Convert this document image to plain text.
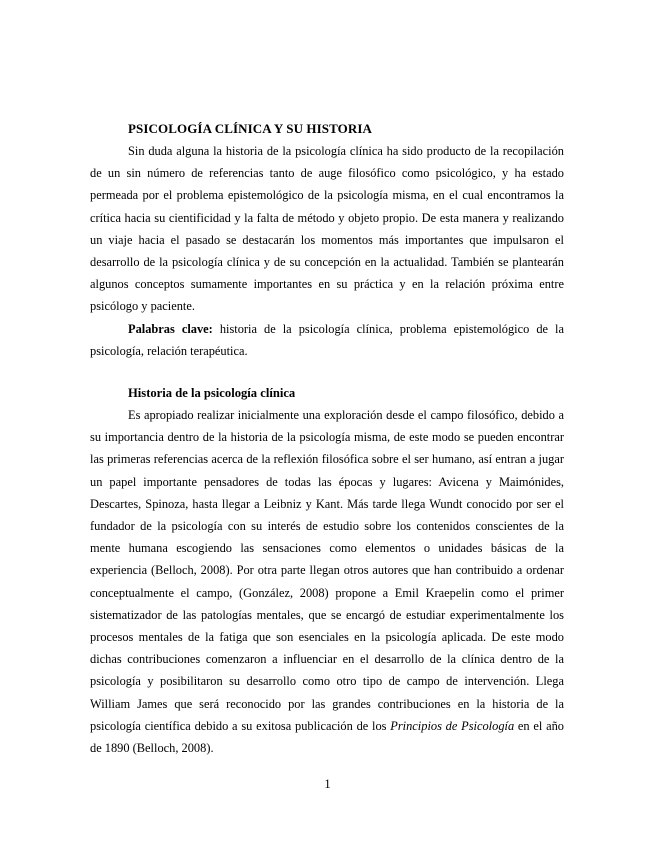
PSICOLOGÍA CLÍNICA Y SU HISTORIA

Sin duda alguna la historia de la psicología clínica ha sido producto de la recopilación de un sin número de referencias tanto de auge filosófico como psicológico, y ha estado permeada por el problema epistemológico de la psicología misma, en el cual encontramos la crítica hacia su cientificidad y la falta de método y objeto propio. De esta manera y realizando un viaje hacia el pasado se destacarán los momentos más importantes que impulsaron el desarrollo de la psicología clínica y de su concepción en la actualidad. También se plantearán algunos conceptos sumamente importantes en su práctica y en la relación próxima entre psicólogo y paciente.

Palabras clave: historia de la psicología clínica, problema epistemológico de la psicología, relación terapéutica.

Historia de la psicología clínica

Es apropiado realizar inicialmente una exploración desde el campo filosófico, debido a su importancia dentro de la historia de la psicología misma, de este modo se pueden encontrar las primeras referencias acerca de la reflexión filosófica sobre el ser humano, así entran a jugar un papel importante pensadores de todas las épocas y lugares: Avicena y Maimónides, Descartes, Spinoza, hasta llegar a Leibniz y Kant. Más tarde llega Wundt conocido por ser el fundador de la psicología con su interés de estudio sobre los contenidos conscientes de la mente humana escogiendo las sensaciones como elementos o unidades básicas de la experiencia (Belloch, 2008). Por otra parte llegan otros autores que han contribuido a ordenar conceptualmente el campo, (González, 2008) propone a Emil Kraepelin como el primer sistematizador de las patologías mentales, que se encargó de estudiar experimentalmente los procesos mentales de la fatiga que son esenciales en la psicología aplicada. De este modo dichas contribuciones comenzaron a influenciar en el desarrollo de la clínica dentro de la psicología y posibilitaron su desarrollo como otro tipo de campo de intervención. Llega William James que será reconocido por las grandes contribuciones en la historia de la psicología científica debido a su exitosa publicación de los Principios de Psicología en el año de 1890 (Belloch, 2008).

1
